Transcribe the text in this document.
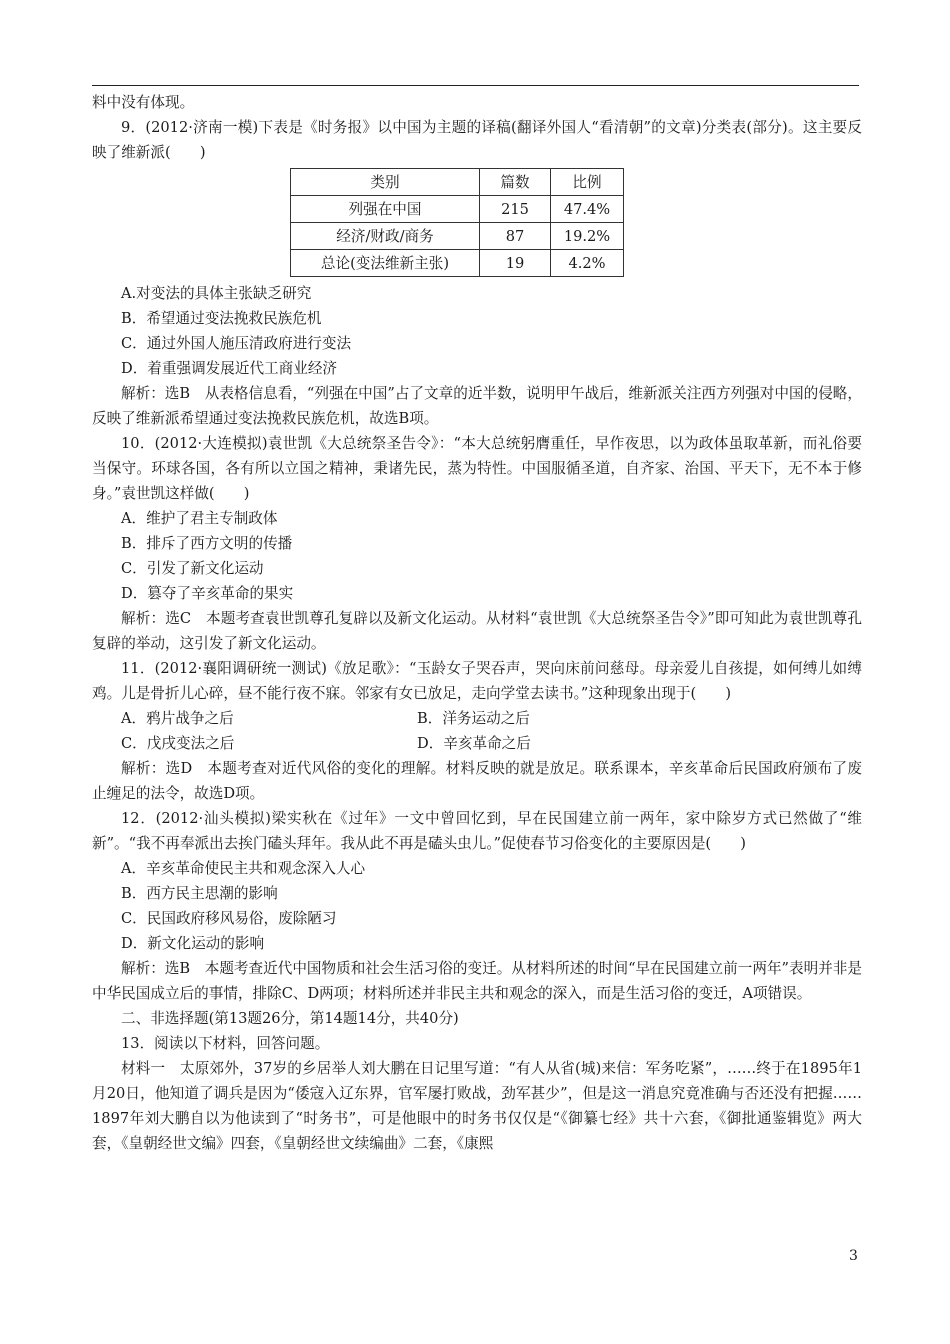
料中没有体现。

9．(2012·济南一模)下表是《时务报》以中国为主题的译稿(翻译外国人“看清朝”的文章)分类表(部分)。这主要反映了维新派(　　)

类别	篇数	比例
列强在中国	215	47.4%
经济/财政/商务	87	19.2%
总论(变法维新主张)	19	4.2%

A.对变法的具体主张缺乏研究

B．希望通过变法挽救民族危机

C．通过外国人施压清政府进行变法

D．着重强调发展近代工商业经济

解析：选B　从表格信息看，“列强在中国”占了文章的近半数，说明甲午战后，维新派关注西方列强对中国的侵略，反映了维新派希望通过变法挽救民族危机，故选B项。

10．(2012·大连模拟)袁世凯《大总统祭圣告令》：“本大总统躬膺重任，早作夜思，以为政体虽取革新，而礼俗要当保守。环球各国，各有所以立国之精神，秉诸先民，蒸为特性。中国服循圣道，自齐家、治国、平天下，无不本于修身。”袁世凯这样做(　　)

A．维护了君主专制政体

B．排斥了西方文明的传播

C．引发了新文化运动

D．篡夺了辛亥革命的果实

解析：选C　本题考查袁世凯尊孔复辟以及新文化运动。从材料“袁世凯《大总统祭圣告令》”即可知此为袁世凯尊孔复辟的举动，这引发了新文化运动。

11．(2012·襄阳调研统一测试)《放足歌》：“玉龄女子哭吞声，哭向床前问慈母。母亲爱儿自孩提，如何缚儿如缚鸡。儿是骨折儿心碎，昼不能行夜不寐。邻家有女已放足，走向学堂去读书。”这种现象出现于(　　)

A．鸦片战争之后	B．洋务运动之后
C．戊戌变法之后	D．辛亥革命之后

解析：选D　本题考查对近代风俗的变化的理解。材料反映的就是放足。联系课本，辛亥革命后民国政府颁布了废止缠足的法令，故选D项。

12．(2012·汕头模拟)梁实秋在《过年》一文中曾回忆到，早在民国建立前一两年，家中除岁方式已然做了“维新”。“我不再奉派出去挨门磕头拜年。我从此不再是磕头虫儿。”促使春节习俗变化的主要原因是(　　)

A．辛亥革命使民主共和观念深入人心

B．西方民主思潮的影响

C．民国政府移风易俗，废除陋习

D．新文化运动的影响

解析：选B　本题考查近代中国物质和社会生活习俗的变迁。从材料所述的时间“早在民国建立前一两年”表明并非是中华民国成立后的事情，排除C、D两项；材料所述并非民主共和观念的深入，而是生活习俗的变迁，A项错误。

二、非选择题(第13题26分，第14题14分，共40分)

13．阅读以下材料，回答问题。

材料一　太原郊外，37岁的乡居举人刘大鹏在日记里写道：“有人从省(城)来信：军务吃紧”，……终于在1895年1月20日，他知道了调兵是因为“倭寇入辽东界，官军屡打败战，劲军甚少”，但是这一消息究竟准确与否还没有把握……1897年刘大鹏自以为他读到了“时务书”，可是他眼中的时务书仅仅是“《御纂七经》共十六套，《御批通鉴辑览》两大套，《皇朝经世文编》四套，《皇朝经世文续编曲》二套，《康熙

3
